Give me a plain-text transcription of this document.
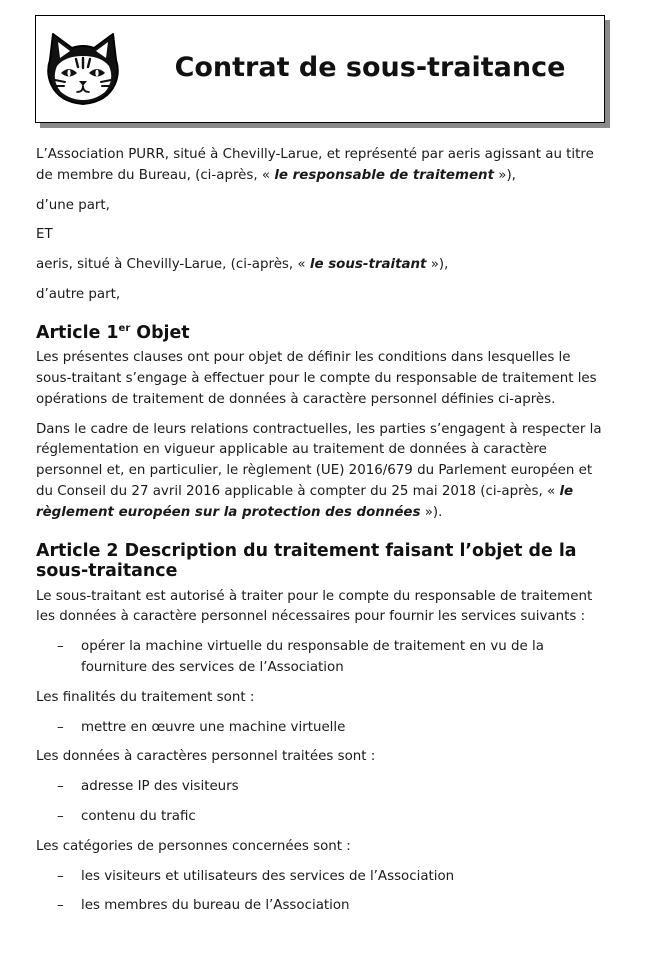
Contrat de sous-traitance

L’Association PURR, situé à Chevilly-Larue, et représenté par aeris agissant au titre de membre du Bureau, (ci-après, « le responsable de traitement »),

d’une part,

ET

aeris, situé à Chevilly-Larue, (ci-après, « le sous-traitant »),

d’autre part,

Article 1er Objet

Les présentes clauses ont pour objet de définir les conditions dans lesquelles le sous-traitant s’engage à effectuer pour le compte du responsable de traitement les opérations de traitement de données à caractère personnel définies ci-après.

Dans le cadre de leurs relations contractuelles, les parties s’engagent à respecter la réglementation en vigueur applicable au traitement de données à caractère personnel et, en particulier, le règlement (UE) 2016/679 du Parlement européen et du Conseil du 27 avril 2016 applicable à compter du 25 mai 2018 (ci-après, « le règlement européen sur la protection des données »).

Article 2 Description du traitement faisant l’objet de la sous-traitance

Le sous-traitant est autorisé à traiter pour le compte du responsable de traitement les données à caractère personnel nécessaires pour fournir les services suivants :

– opérer la machine virtuelle du responsable de traitement en vu de la fourniture des services de l’Association

Les finalités du traitement sont :

– mettre en œuvre une machine virtuelle

Les données à caractères personnel traitées sont :

– adresse IP des visiteurs
– contenu du trafic

Les catégories de personnes concernées sont :

– les visiteurs et utilisateurs des services de l’Association
– les membres du bureau de l’Association
